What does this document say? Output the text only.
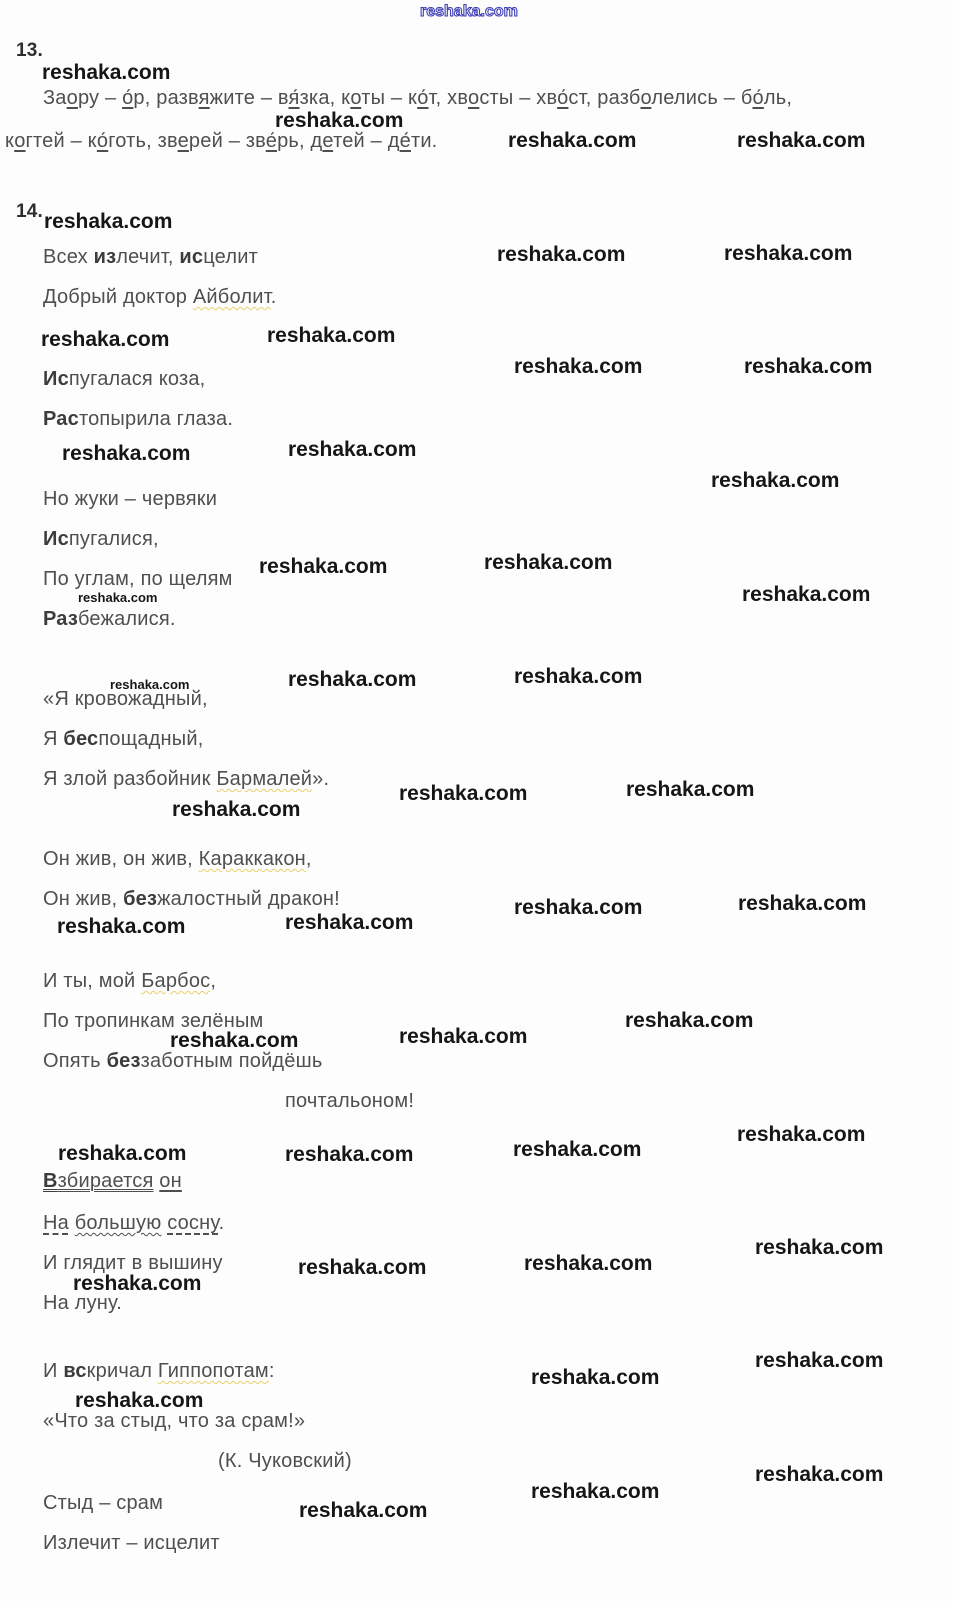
reshaka.com
reshaka.com
reshaka.com
reshaka.com	reshaka.com
reshaka.com
reshaka.com	reshaka.com
reshaka.com	reshaka.com
reshaka.com	reshaka.com
reshaka.com	reshaka.com
reshaka.com
reshaka.com	reshaka.com
reshaka.com	reshaka.com
reshaka.com	reshaka.com	reshaka.com
reshaka.com	reshaka.com
reshaka.com
reshaka.com	reshaka.com
reshaka.com	reshaka.com
reshaka.com
reshaka.com	reshaka.com
reshaka.com
reshaka.com	reshaka.com	reshaka.com
reshaka.com
reshaka.com	reshaka.com
reshaka.com
reshaka.com
reshaka.com
reshaka.com
reshaka.com
reshaka.com
reshaka.com
13.
Заору – о́р, развяжите – вя́зка, коты – ко́т, хвосты – хво́ст, разболелись – бо́ль,
когтей – ко́готь, зверей – зве́рь, детей – де́ти.
14.
Всех излечит, исцелит
Добрый доктор Айболит.
Испугалася коза,
Растопырила глаза.
Но жуки – червяки
Испугалися,
По углам, по щелям
Разбежалися.
«Я кровожадный,
Я беспощадный,
Я злой разбойник Бармалей».
Он жив, он жив, Караккакон,
Он жив, безжалостный дракон!
И ты, мой Барбос,
По тропинкам зелёным
Опять беззаботным пойдёшь
почтальоном!
Взбирается он
На большую сосну.
И глядит в вышину
На луну.
И вскричал Гиппопотам:
«Что за стыд, что за срам!»
(К. Чуковский)
Стыд – срам
Излечит – исцелит
